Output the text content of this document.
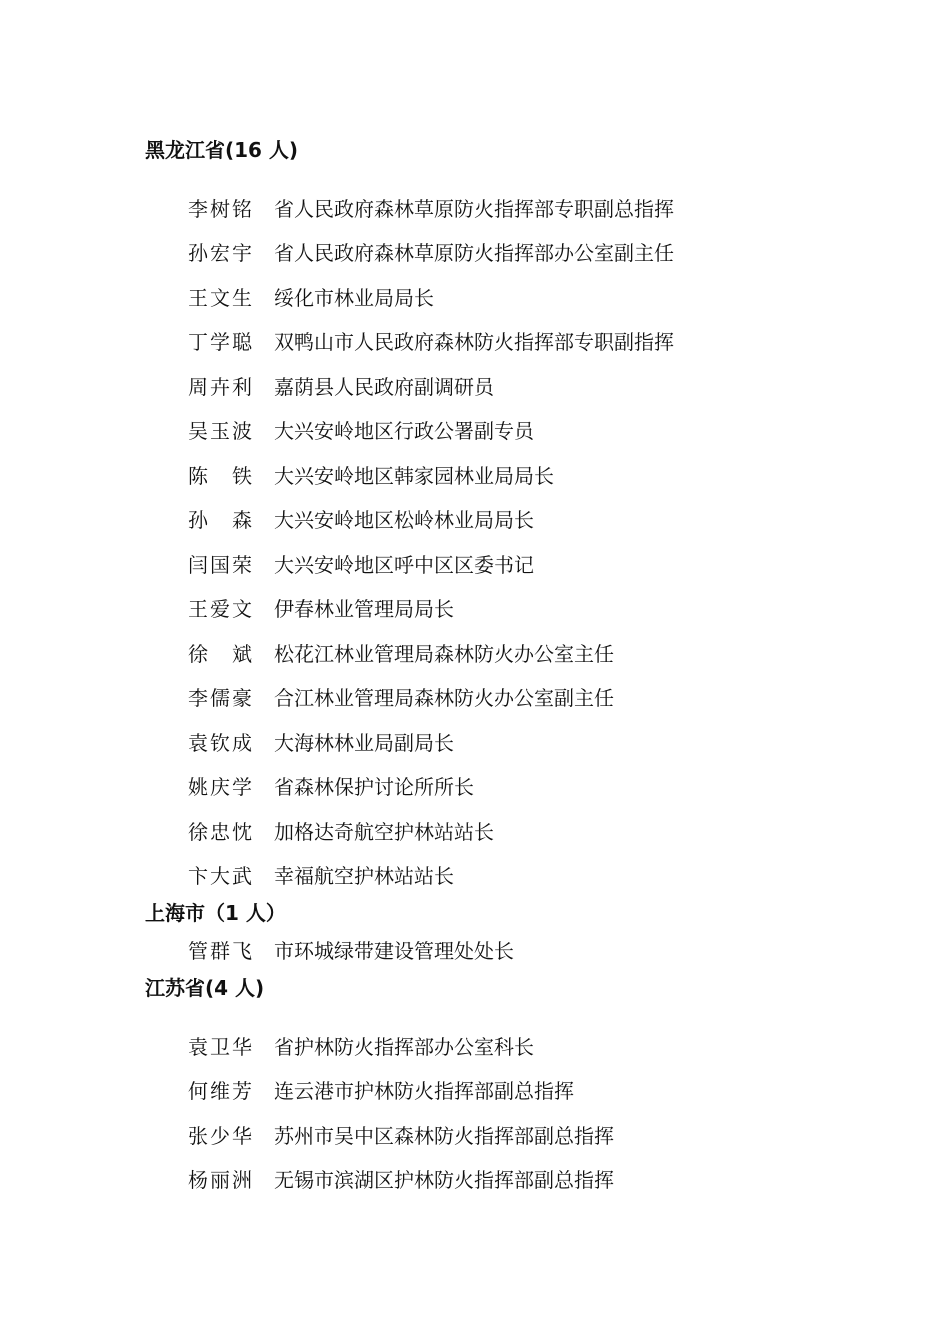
黑龙江省(16 人)
李树铭 省人民政府森林草原防火指挥部专职副总指挥
孙宏宇 省人民政府森林草原防火指挥部办公室副主任
王文生 绥化市林业局局长
丁学聪 双鸭山市人民政府森林防火指挥部专职副指挥
周卉利 嘉荫县人民政府副调研员
吴玉波 大兴安岭地区行政公署副专员
陈 铁 大兴安岭地区韩家园林业局局长
孙 森 大兴安岭地区松岭林业局局长
闫国荣 大兴安岭地区呼中区区委书记
王爱文 伊春林业管理局局长
徐 斌 松花江林业管理局森林防火办公室主任
李儒豪 合江林业管理局森林防火办公室副主任
袁钦成 大海林林业局副局长
姚庆学 省森林保护讨论所所长
徐忠忱 加格达奇航空护林站站长
卞大武 幸福航空护林站站长
上海市（1 人）
管群飞 市环城绿带建设管理处处长
江苏省(4 人)
袁卫华 省护林防火指挥部办公室科长
何维芳 连云港市护林防火指挥部副总指挥
张少华 苏州市吴中区森林防火指挥部副总指挥
杨丽洲 无锡市滨湖区护林防火指挥部副总指挥
